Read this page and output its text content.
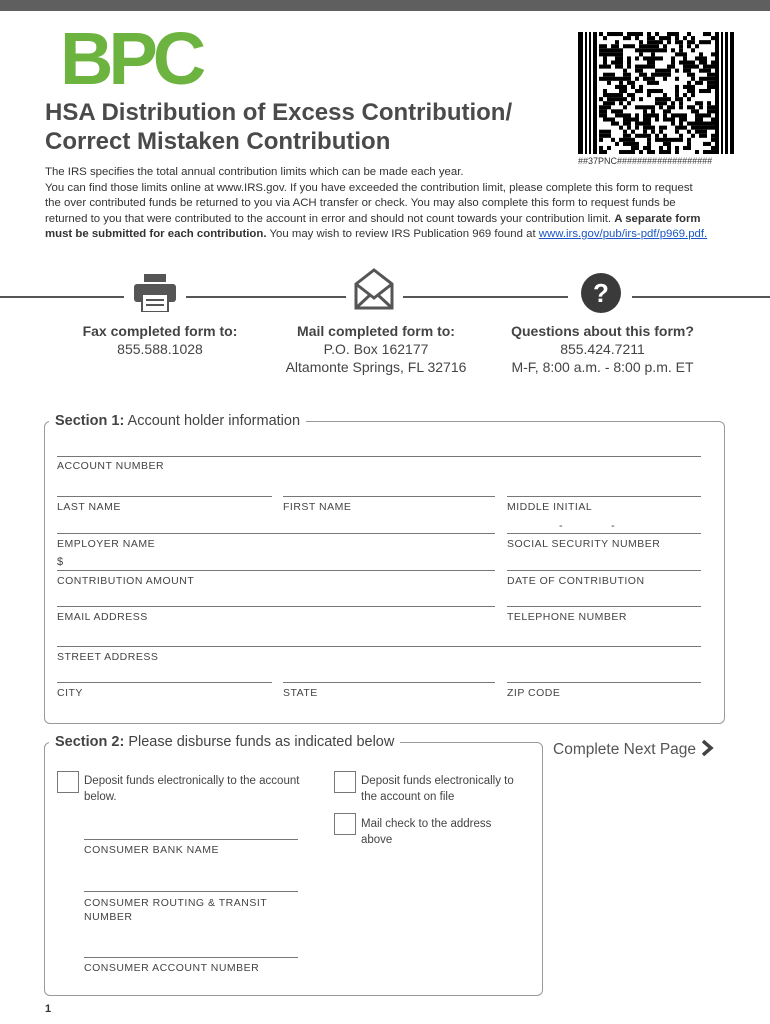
BPC
HSA Distribution of Excess Contribution/
Correct Mistaken Contribution
##37PNC###################
The IRS specifies the total annual contribution limits which can be made each year.
You can find those limits online at www.IRS.gov. If you have exceeded the contribution limit, please complete this form to request the over contributed funds be returned to you via ACH transfer or check. You may also complete this form to request funds be returned to you that were contributed to the account in error and should not count towards your contribution limit. A separate form must be submitted for each contribution. You may wish to review IRS Publication 969 found at www.irs.gov/pub/irs-pdf/p969.pdf.
?
Fax completed form to:
855.588.1028
Mail completed form to:
P.O. Box 162177
Altamonte Springs, FL 32716
Questions about this form?
855.424.7211
M-F, 8:00 a.m. - 8:00 p.m. ET
Section 1: Account holder information
ACCOUNT NUMBER
LAST NAME	FIRST NAME	MIDDLE INITIAL
EMPLOYER NAME
-	-
SOCIAL SECURITY NUMBER
$
CONTRIBUTION AMOUNT	DATE OF CONTRIBUTION
EMAIL ADDRESS	TELEPHONE NUMBER
STREET ADDRESS
CITY	STATE	ZIP CODE
Section 2: Please disburse funds as indicated below
Deposit funds electronically to the account
below.
Deposit funds electronically to
the account on file
Mail check to the address
above
CONSUMER BANK NAME
CONSUMER ROUTING & TRANSIT
NUMBER
CONSUMER ACCOUNT NUMBER
Complete Next Page
1
